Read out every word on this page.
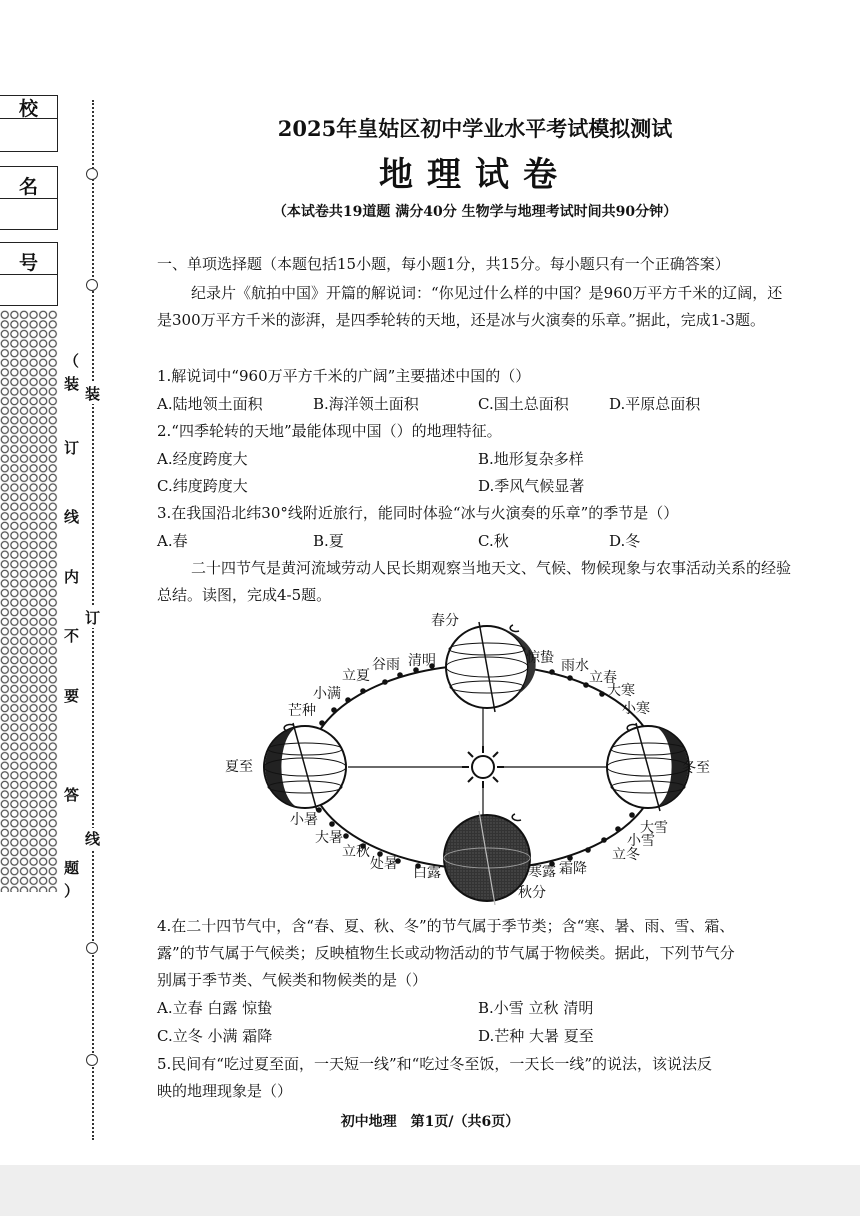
校
名
号
（
装
订
线
内
不
要
答
题
）
装
订
线
2025年皇姑区初中学业水平考试模拟测试
地理试卷
（本试卷共19道题 满分40分 生物学与地理考试时间共90分钟）
一、单项选择题（本题包括15小题，每小题1分，共15分。每小题只有一个正确答案）
纪录片《航拍中国》开篇的解说词：“你见过什么样的中国？是960万平方千米的辽阔，还是300万平方千米的澎湃，是四季轮转的天地，还是冰与火演奏的乐章。”据此，完成1-3题。
1.解说词中“960万平方千米的广阔”主要描述中国的（）
A.陆地领土面积	B.海洋领土面积	C.国土总面积	D.平原总面积
2.“四季轮转的天地”最能体现中国（）的地理特征。
A.经度跨度大	B.地形复杂多样
C.纬度跨度大	D.季风气候显著
3.在我国沿北纬30°线附近旅行，能同时体验“冰与火演奏的乐章”的季节是（）
A.春	B.夏	C.秋	D.冬
二十四节气是黄河流域劳动人民长期观察当地天文、气候、物候现象与农事活动关系的经验总结。读图，完成4-5题。
春分
惊蛰 雨水
立春
大寒
小寒
冬至
大雪
小雪
立冬
霜降
寒露
秋分
白露
处暑
立秋
大暑
小暑
夏至
芒种
小满
立夏
谷雨 清明
4.在二十四节气中，含“春、夏、秋、冬”的节气属于季节类；含“寒、暑、雨、雪、霜、
露”的节气属于气候类；反映植物生长或动物活动的节气属于物候类。据此，下列节气分
别属于季节类、气候类和物候类的是（）
A.立春 白露 惊蛰	B.小雪 立秋 清明
C.立冬 小满 霜降	D.芒种 大暑 夏至
5.民间有“吃过夏至面，一天短一线”和“吃过冬至饭，一天长一线”的说法，该说法反
映的地理现象是（）
初中地理　第1页/（共6页）
